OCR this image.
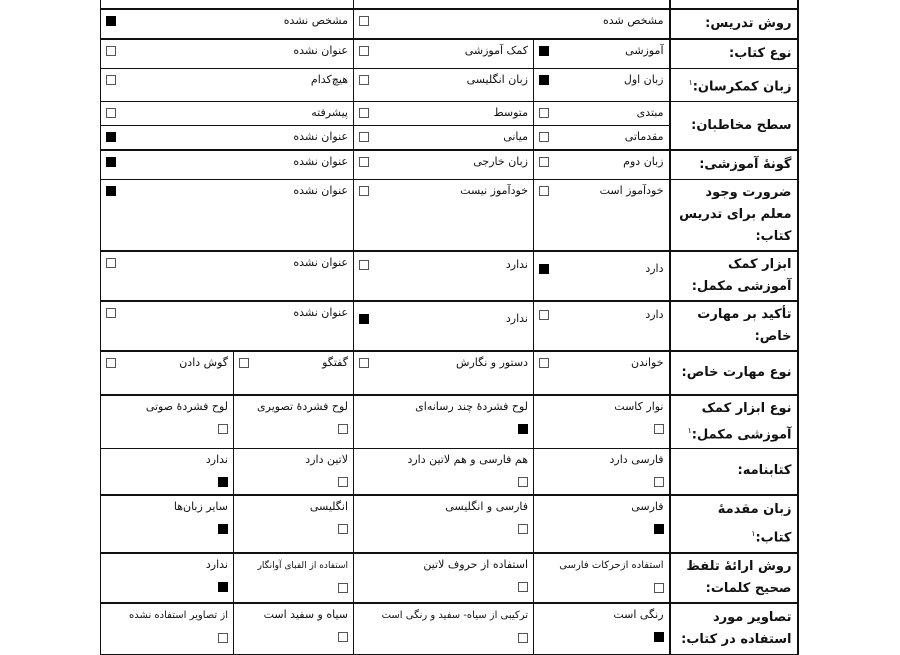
روش تدریس:	مشخص شده		مشخص نشده	

نوع کتاب:	آموزشی	کمک آموزشی	عنوان نشده	

زبان کمکرسان:$^۱$	زبان اول	زبان انگلیسی	هیچ‌کدام	

سطح مخاطبان:	مبتدی	متوسط	پیشرفته	

	مقدماتی	میانی	عنوان نشده	

گونهٔ آموزشی:	زبان دوم	زبان خارجی	عنوان نشده	

ضرورت وجود معلم برای تدریس کتاب:	خودآموز است	خودآموز نیست	عنوان نشده	

ابزار کمک آموزشی مکمل:	دارد	ندارد	عنوان نشده	

تأکید بر مهارت خاص:	دارد	ندارد	عنوان نشده	

نوع مهارت خاص:	خواندن	دستور و نگارش	گفتگو	گوش دادن

نوع ابزار کمک آموزشی مکمل:$^۱$	نوار کاست	لوح فشردهٔ چند رسانه‌ای	لوح فشردهٔ تصویری	لوح فشردهٔ صوتی

کتابنامه:	فارسی دارد	هم فارسی و هم لاتین دارد	لاتین دارد	ندارد

زبان مقدمهٔ کتاب:$^۱$	فارسی	فارسی و انگلیسی	انگلیسی	سایر زبان‌ها

روش ارائهٔ تلفظ صحیح کلمات:	استفاده ازحرکات فارسی	استفاده از حروف لاتین	استفاده از الفبای آوانگار	ندارد

تصاویر مورد استفاده در کتاب:	رنگی است	ترکیبی از سیاه- سفید و رنگی است	سیاه و سفید است	از تصاویر استفاده نشده
